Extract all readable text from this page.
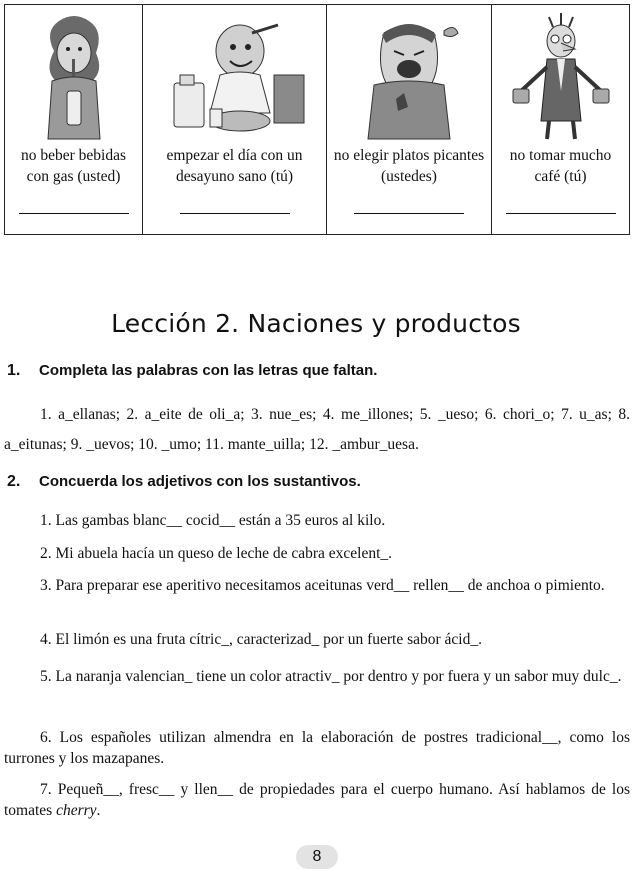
no beber bebidas con gas (usted)

empezar el día con un desayuno sano (tú)

no elegir platos picantes (ustedes)

no tomar mucho café (tú)
Lección 2. Naciones y productos
1. Completa las palabras con las letras que faltan.
1. a_ellanas; 2. a_eite de oli_a; 3. nue_es; 4. me_illones; 5. _ueso; 6. chori_o; 7. u_as; 8. a_eitunas; 9. _uevos; 10. _umo; 11. mante_uilla; 12. _ambur_uesa.
2. Concuerda los adjetivos con los sustantivos.
1. Las gambas blanc__ cocid__ están a 35 euros al kilo.
2. Mi abuela hacía un queso de leche de cabra excelent_.
3. Para preparar ese aperitivo necesitamos aceitunas verd__ rellen__ de anchoa o pimiento.
4. El limón es una fruta cítric_, caracterizad_ por un fuerte sabor ácid_.
5. La naranja valencian_ tiene un color atractiv_ por dentro y por fuera y un sabor muy dulc_.
6. Los españoles utilizan almendra en la elaboración de postres tradicional__, como los turrones y los mazapanes.
7. Pequeñ__, fresc__ y llen__ de propiedades para el cuerpo humano. Así hablamos de los tomates cherry.
8
